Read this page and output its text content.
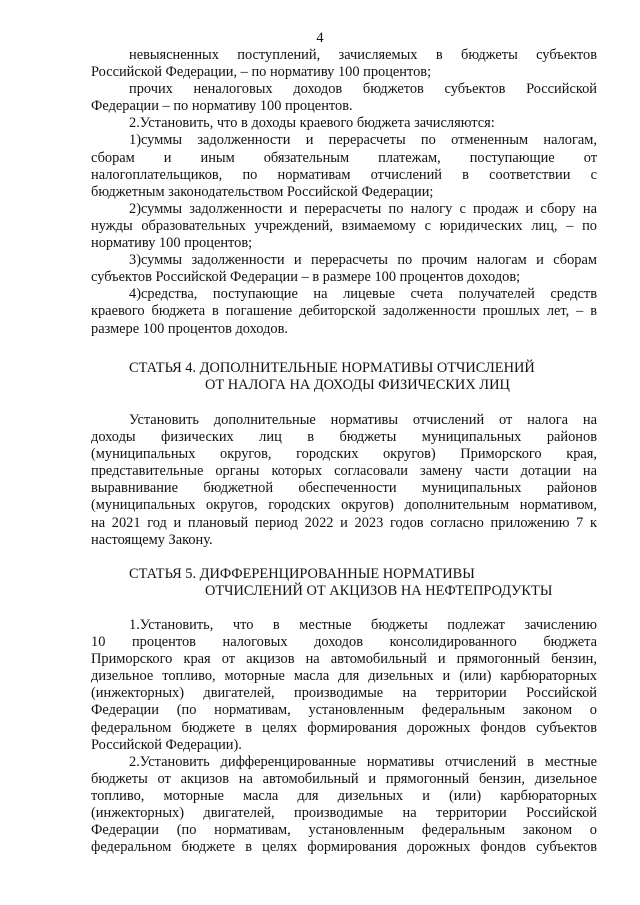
4
невыясненных поступлений, зачисляемых в бюджеты субъектов
Российской Федерации, – по нормативу 100 процентов;
прочих неналоговых доходов бюджетов субъектов Российской
Федерации – по нормативу 100 процентов.
2.Установить, что в доходы краевого бюджета зачисляются:
1)суммы задолженности и перерасчеты по отмененным налогам,
сборам и иным обязательным платежам, поступающие от
налогоплательщиков, по нормативам отчислений в соответствии с
бюджетным законодательством Российской Федерации;
2)суммы задолженности и перерасчеты по налогу с продаж и сбору на
нужды образовательных учреждений, взимаемому с юридических лиц, – по
нормативу 100 процентов;
3)суммы задолженности и перерасчеты по прочим налогам и сборам
субъектов Российской Федерации – в размере 100 процентов доходов;
4)средства, поступающие на лицевые счета получателей средств
краевого бюджета в погашение дебиторской задолженности прошлых лет, – в
размере 100 процентов доходов.
СТАТЬЯ 4. ДОПОЛНИТЕЛЬНЫЕ НОРМАТИВЫ ОТЧИСЛЕНИЙ
ОТ НАЛОГА НА ДОХОДЫ ФИЗИЧЕСКИХ ЛИЦ
Установить дополнительные нормативы отчислений от налога на
доходы физических лиц в бюджеты муниципальных районов
(муниципальных округов, городских округов) Приморского края,
представительные органы которых согласовали замену части дотации на
выравнивание бюджетной обеспеченности муниципальных районов
(муниципальных округов, городских округов) дополнительным нормативом,
на 2021 год и плановый период 2022 и 2023 годов согласно приложению 7 к
настоящему Закону.
СТАТЬЯ 5. ДИФФЕРЕНЦИРОВАННЫЕ НОРМАТИВЫ
ОТЧИСЛЕНИЙ ОТ АКЦИЗОВ НА НЕФТЕПРОДУКТЫ
1.Установить, что в местные бюджеты подлежат зачислению
10 процентов налоговых доходов консолидированного бюджета
Приморского края от акцизов на автомобильный и прямогонный бензин,
дизельное топливо, моторные масла для дизельных и (или) карбюраторных
(инжекторных) двигателей, производимые на территории Российской
Федерации (по нормативам, установленным федеральным законом о
федеральном бюджете в целях формирования дорожных фондов субъектов
Российской Федерации).
2.Установить дифференцированные нормативы отчислений в местные
бюджеты от акцизов на автомобильный и прямогонный бензин, дизельное
топливо, моторные масла для дизельных и (или) карбюраторных
(инжекторных) двигателей, производимые на территории Российской
Федерации (по нормативам, установленным федеральным законом о
федеральном бюджете в целях формирования дорожных фондов субъектов
